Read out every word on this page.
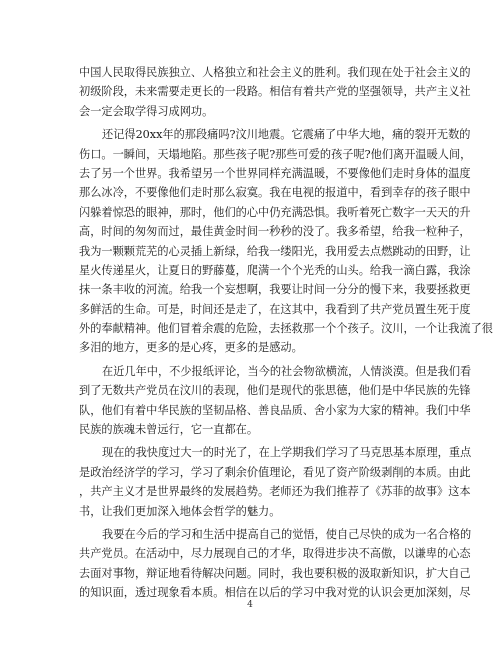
中国人民取得民族独立、人格独立和社会主义的胜利。我们现在处于社会主义的
初级阶段，未来需要走更长的一段路。相信有着共产党的坚强领导，共产主义社
会一定会取学得习成网功。
还记得20xx年的那段痛吗?汶川地震。它震痛了中华大地，痛的裂开无数的
伤口。一瞬间，天塌地陷。那些孩子呢?那些可爱的孩子呢?他们离开温暖人间，
去了另一个世界。我希望另一个世界同样充满温暖，不要像他们走时身体的温度
那么冰冷，不要像他们走时那么寂寞。我在电视的报道中，看到幸存的孩子眼中
闪躲着惊恐的眼神，那时，他们的心中仍充满恐惧。我听着死亡数字一天天的升
高，时间的匆匆而过，最佳黄金时间一秒秒的没了。我多希望，给我一粒种子，
我为一颗颗荒芜的心灵插上新绿，给我一缕阳光，我用爱去点燃跳动的田野，让
星火传递星火，让夏日的野藤蔓，爬满一个个光秃的山头。给我一滴白露，我涂
抹一条丰收的河流。给我一个妄想啊，我要让时间一分分的慢下来，我要拯救更
多鲜活的生命。可是，时间还是走了，在这其中，我看到了共产党员置生死于度
外的奉献精神。他们冒着余震的危险，去拯救那一个个孩子。汶川，一个让我流了很
多泪的地方，更多的是心疼，更多的是感动。
在近几年中，不少报纸评论，当今的社会物欲横流，人情淡漠。但是我们看
到了无数共产党员在汶川的表现，他们是现代的张思德，他们是中华民族的先锋
队，他们有着中华民族的坚韧品格、善良品质、舍小家为大家的精神。我们中华
民族的族魂未曾远行，它一直都在。
现在的我快度过大一的时光了，在上学期我们学习了马克思基本原理，重点
是政治经济学的学习，学习了剩余价值理论，看见了资产阶级剥削的本质。由此
，共产主义才是世界最终的发展趋势。老师还为我们推荐了《苏菲的故事》这本
书，让我们更加深入地体会哲学的魅力。
我要在今后的学习和生活中提高自己的觉悟，使自己尽快的成为一名合格的
共产党员。在活动中，尽力展现自己的才华，取得进步决不高傲，以谦卑的心态
去面对事物，辩证地看待解决问题。同时，我也要积极的汲取新知识，扩大自己
的知识面，透过现象看本质。相信在以后的学习中我对党的认识会更加深刻，尽
4
